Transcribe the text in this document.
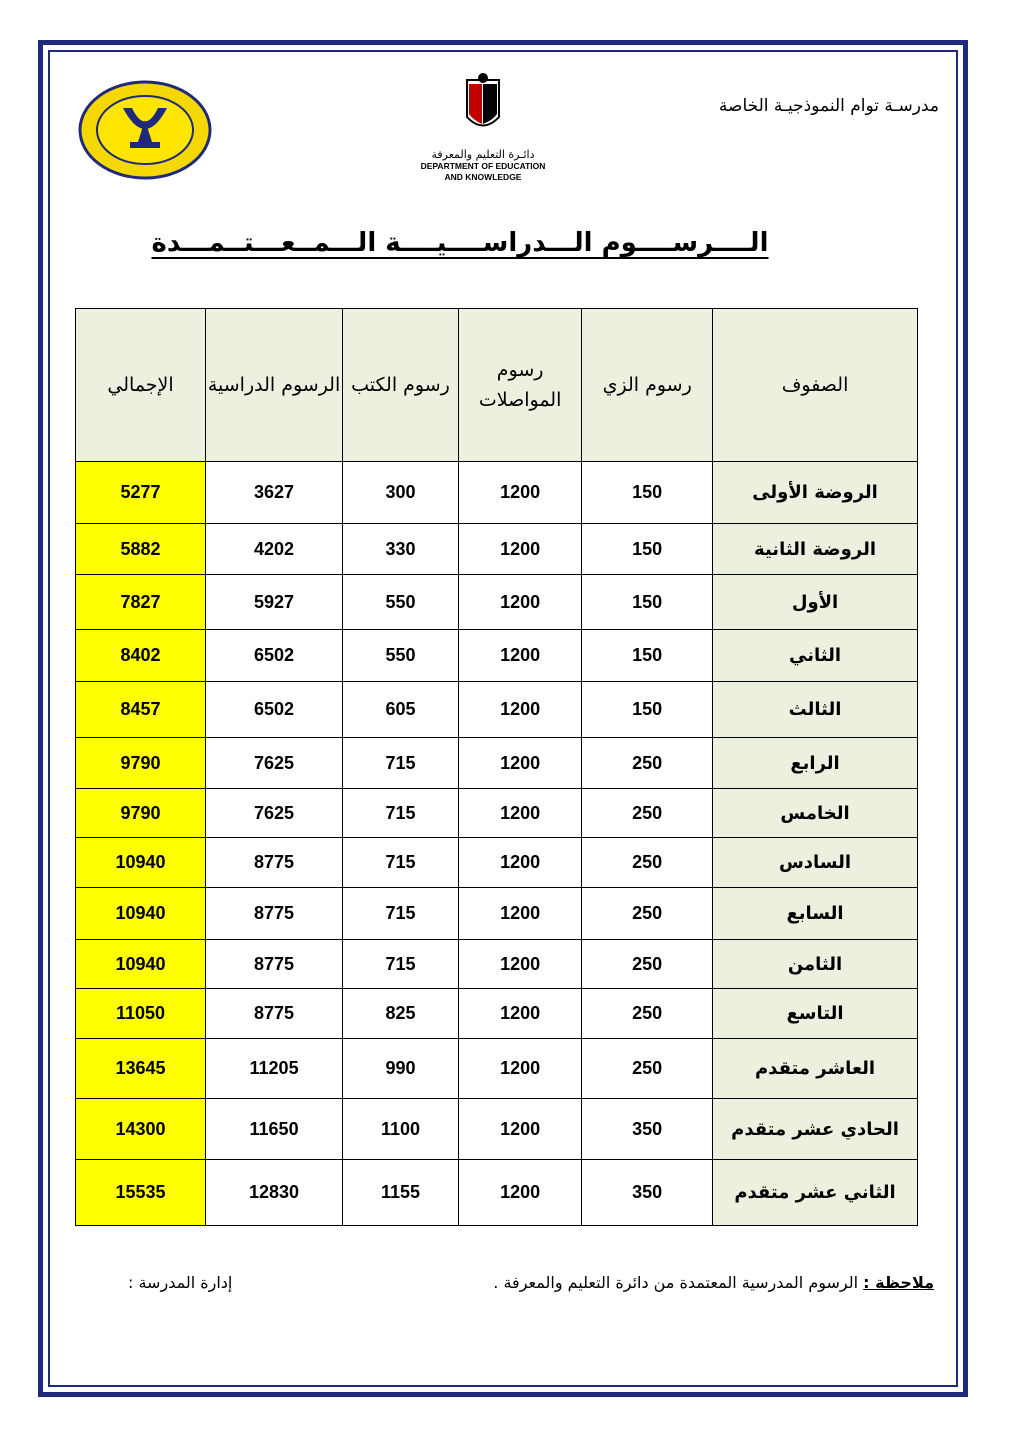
مدرسـة توام النموذجيـة الخاصة
دائـرة التعليم والمعرفة
DEPARTMENT OF EDUCATION
AND KNOWLEDGE
الــــرســــوم الـــدراســــيــــة الـــمــعـــتــمـــدة
الصفوف	رسوم الزي	رسوم المواصلات	رسوم الكتب	الرسوم الدراسية	الإجمالي
الروضة الأولى	150	1200	300	3627	5277
الروضة الثانية	150	1200	330	4202	5882
الأول	150	1200	550	5927	7827
الثاني	150	1200	550	6502	8402
الثالث	150	1200	605	6502	8457
الرابع	250	1200	715	7625	9790
الخامس	250	1200	715	7625	9790
السادس	250	1200	715	8775	10940
السابع	250	1200	715	8775	10940
الثامن	250	1200	715	8775	10940
التاسع	250	1200	825	8775	11050
العاشر متقدم	250	1200	990	11205	13645
الحادي عشر متقدم	350	1200	1100	11650	14300
الثاني عشر متقدم	350	1200	1155	12830	15535
ملاحظة : الرسوم المدرسية المعتمدة من دائرة التعليم والمعرفة .
إدارة المدرسة :
